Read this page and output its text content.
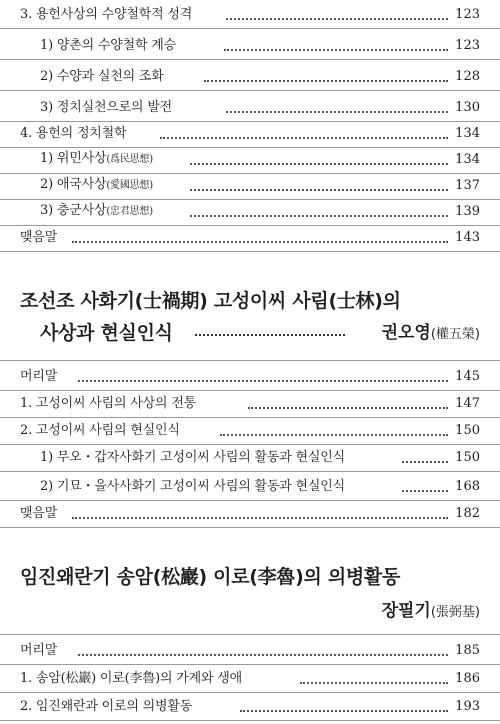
3. 용헌사상의 수양철학적 성격	123
1) 양촌의 수양철학 계승	123
2) 수양과 실천의 조화	128
3) 정치실천으로의 발전	130
4. 용헌의 정치철학	134
1) 위민사상(爲民思想)	134
2) 애국사상(愛國思想)	137
3) 충군사상(忠君思想)	139
맺음말	143
조선조 사화기(士禍期) 고성이씨 사림(士林)의
사상과 현실인식	권오영(權五榮)
머리말	145
1. 고성이씨 사림의 사상의 전통	147
2. 고성이씨 사림의 현실인식	150
1) 무오・갑자사화기 고성이씨 사림의 활동과 현실인식	150
2) 기묘・을사사화기 고성이씨 사림의 활동과 현실인식	168
맺음말	182
임진왜란기 송암(松巖) 이로(李魯)의 의병활동
장필기(張弼基)
머리말	185
1. 송암(松巖) 이로(李魯)의 가계와 생애	186
2. 임진왜란과 이로의 의병활동	193
